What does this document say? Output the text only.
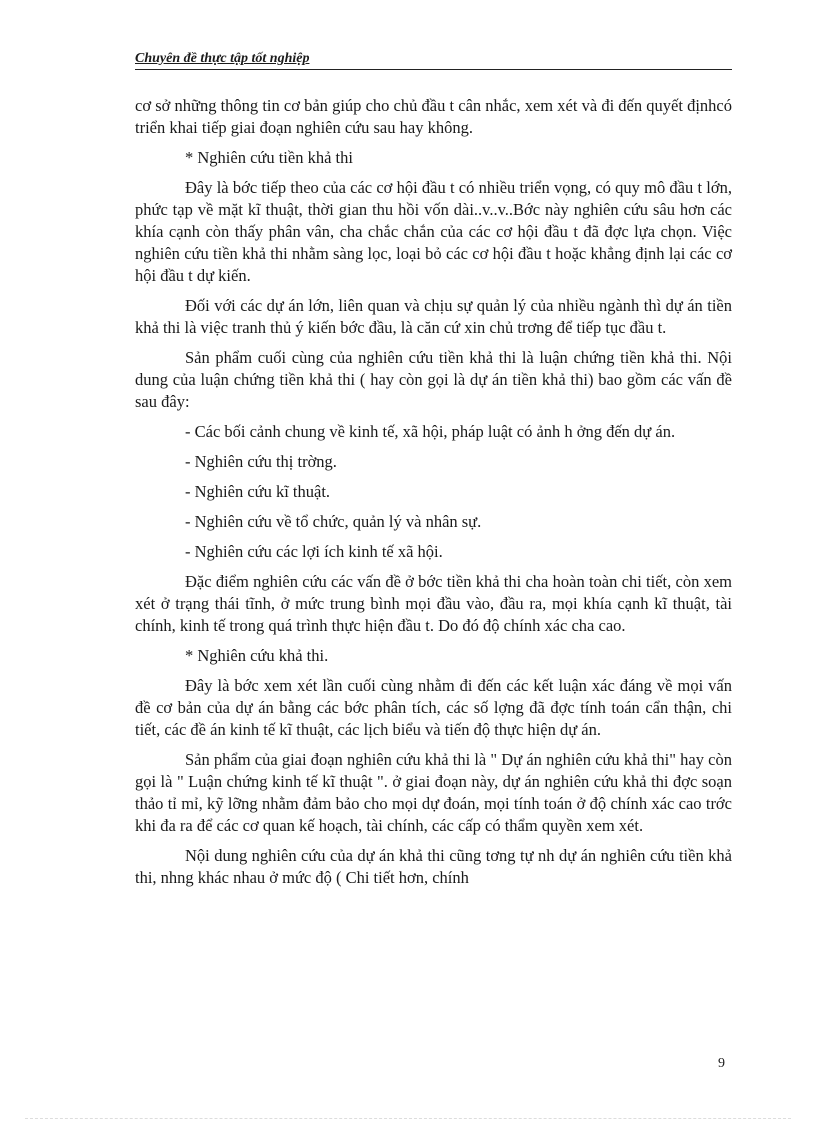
Chuyên đề thực tập tốt nghiệp

cơ sở những thông tin cơ bản giúp cho chủ đầu t cân nhắc, xem xét và đi đến quyết địnhcó triển khai tiếp giai đoạn nghiên cứu sau hay không.

* Nghiên cứu tiền khả thi

Đây là bớc tiếp theo của các cơ hội đầu t có nhiều triển vọng, có quy mô đầu t lớn, phức tạp về mặt kĩ thuật, thời gian thu hồi vốn dài..v..v..Bớc này nghiên cứu sâu hơn các khía cạnh còn thấy phân vân, cha chắc chắn của các cơ hội đầu t đã đợc lựa chọn. Việc nghiên cứu tiền khả thi nhằm sàng lọc, loại bỏ các cơ hội đầu t hoặc khẳng định lại các cơ hội đầu t dự kiến.

Đối với các dự án lớn, liên quan và chịu sự quản lý của nhiều ngành thì dự án tiền khả thi là việc tranh thủ ý kiến bớc đầu, là căn cứ xin chủ trơng để tiếp tục đầu t.

Sản phẩm cuối cùng của nghiên cứu tiền khả thi là luận chứng tiền khả thi. Nội dung của luận chứng tiền khả thi ( hay còn gọi là dự án tiền khả thi) bao gồm các vấn đề sau đây:

- Các bối cảnh chung về kinh tế, xã hội, pháp luật có ảnh h ởng đến dự án.

- Nghiên cứu thị trờng.

- Nghiên cứu kĩ thuật.

- Nghiên cứu về tổ chức, quản lý và nhân sự.

- Nghiên cứu các lợi ích kinh tế xã hội.

Đặc điểm nghiên cứu các vấn đề ở bớc tiền khả thi cha hoàn toàn chi tiết, còn xem xét ở trạng thái tĩnh, ở mức trung bình mọi đầu vào, đầu ra, mọi khía cạnh kĩ thuật, tài chính, kinh tế trong quá trình thực hiện đầu t. Do đó độ chính xác cha cao.

* Nghiên cứu khả thi.

Đây là bớc xem xét lần cuối cùng nhằm đi đến các kết luận xác đáng về mọi vấn đề cơ bản của dự án bằng các bớc phân tích, các số lợng đã đợc tính toán cẩn thận, chi tiết, các đề án kinh tế kĩ thuật, các lịch biểu và tiến độ thực hiện dự án.

Sản phẩm của giai đoạn nghiên cứu khả thi là " Dự án nghiên cứu khả thi" hay còn gọi là " Luận chứng kinh tế kĩ thuật ". ở giai đoạn này, dự án nghiên cứu khả thi đợc soạn thảo tỉ mỉ, kỹ lỡng nhằm đảm bảo cho mọi dự đoán, mọi tính toán ở độ chính xác cao trớc khi đa ra để các cơ quan kế hoạch, tài chính, các cấp có thẩm quyền xem xét.

Nội dung nghiên cứu của dự án khả thi cũng tơng tự nh dự án nghiên cứu tiền khả thi, nhng khác nhau ở mức độ ( Chi tiết hơn, chính

9
